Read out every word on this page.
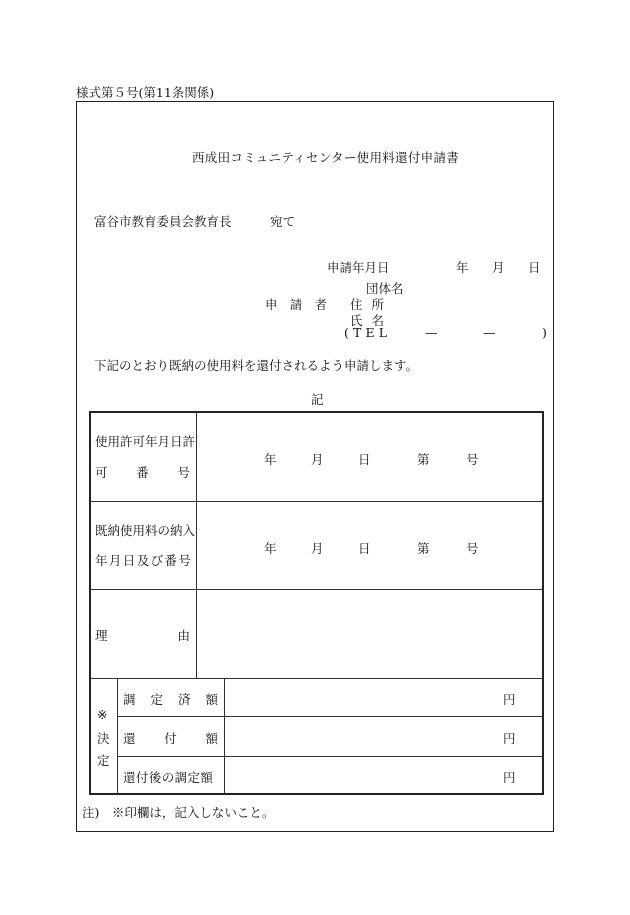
様式第５号(第11条関係)
西成田コミュニティセンター使用料還付申請書
富谷市教育委員会教育長	宛て
申請年月日	年 月 日
団 体 名
申 請 者 住 所
氏 名
( T E L	—	—	)
下記のとおり既納の使用料を還付されるよう申請します。
記
使用許可年月日許
可 番 号
年	月	日	第	号
既納使用料の納入
年月日及び番号
年	月	日	第	号
理	由
※
決
定
調 定 済 額	円
還 付 額	円
還付後の調定額	円
注)　※印欄は，記入しないこと。
